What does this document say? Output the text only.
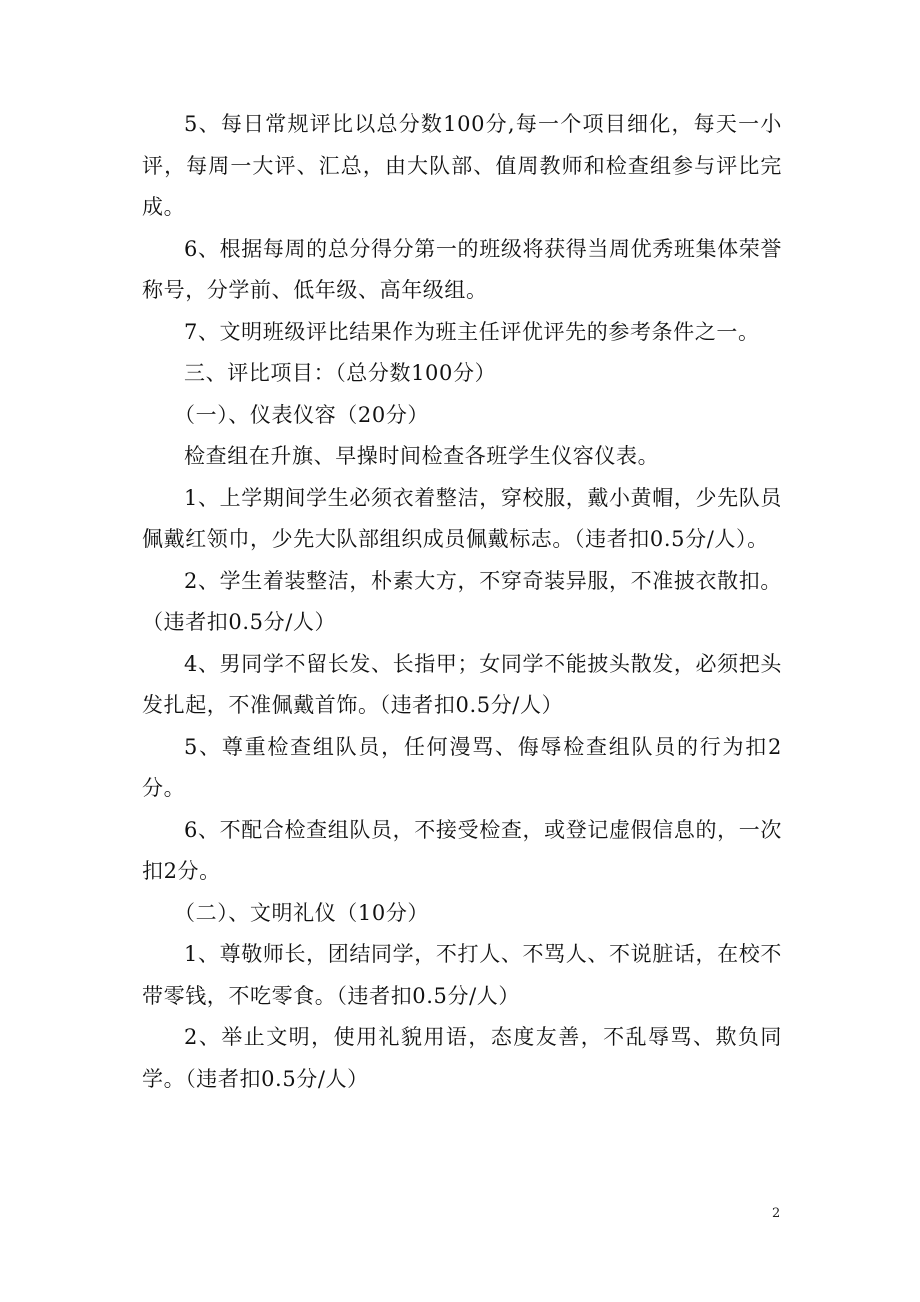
5、每日常规评比以总分数100分,每一个项目细化，每天一小评，每周一大评、汇总，由大队部、值周教师和检查组参与评比完成。

6、根据每周的总分得分第一的班级将获得当周优秀班集体荣誉称号，分学前、低年级、高年级组。

7、文明班级评比结果作为班主任评优评先的参考条件之一。

三、评比项目：（总分数100分）

（一）、仪表仪容（20分）

检查组在升旗、早操时间检查各班学生仪容仪表。

1、上学期间学生必须衣着整洁，穿校服，戴小黄帽，少先队员佩戴红领巾，少先大队部组织成员佩戴标志。（违者扣0.5分/人）。

2、学生着装整洁，朴素大方，不穿奇装异服，不准披衣散扣。（违者扣0.5分/人）

4、男同学不留长发、长指甲；女同学不能披头散发，必须把头发扎起，不准佩戴首饰。（违者扣0.5分/人）

5、尊重检查组队员，任何漫骂、侮辱检查组队员的行为扣2分。

6、不配合检查组队员，不接受检查，或登记虚假信息的，一次扣2分。

（二）、文明礼仪（10分）

1、尊敬师长，团结同学，不打人、不骂人、不说脏话，在校不带零钱，不吃零食。（违者扣0.5分/人）

2、举止文明，使用礼貌用语，态度友善，不乱辱骂、欺负同学。（违者扣0.5分/人）

2
